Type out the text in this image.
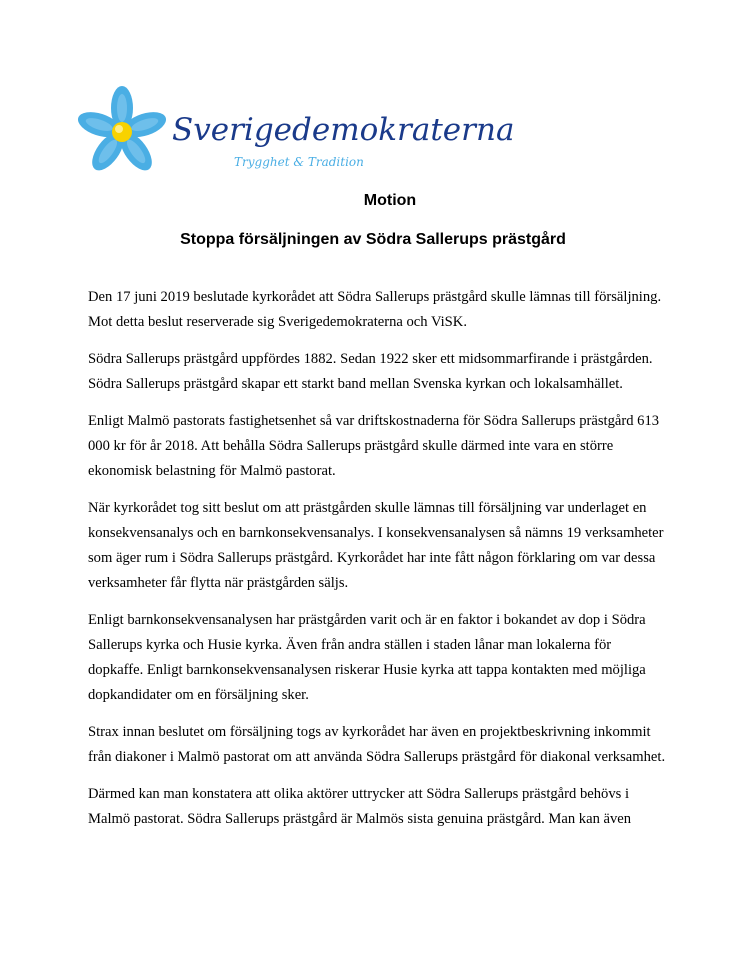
Sverigedemokraterna
Trygghet & Tradition
Motion
Stoppa försäljningen av Södra Sallerups prästgård

Den 17 juni 2019 beslutade kyrkorådet att Södra Sallerups prästgård skulle lämnas till försäljning. Mot detta beslut reserverade sig Sverigedemokraterna och ViSK.

Södra Sallerups prästgård uppfördes 1882. Sedan 1922 sker ett midsommarfirande i prästgården. Södra Sallerups prästgård skapar ett starkt band mellan Svenska kyrkan och lokalsamhället.

Enligt Malmö pastorats fastighetsenhet så var driftskostnaderna för Södra Sallerups prästgård 613 000 kr för år 2018. Att behålla Södra Sallerups prästgård skulle därmed inte vara en större ekonomisk belastning för Malmö pastorat.

När kyrkorådet tog sitt beslut om att prästgården skulle lämnas till försäljning var underlaget en konsekvensanalys och en barnkonsekvensanalys. I konsekvensanalysen så nämns 19 verksamheter som äger rum i Södra Sallerups prästgård. Kyrkorådet har inte fått någon förklaring om var dessa verksamheter får flytta när prästgården säljs.

Enligt barnkonsekvensanalysen har prästgården varit och är en faktor i bokandet av dop i Södra Sallerups kyrka och Husie kyrka. Även från andra ställen i staden lånar man lokalerna för dopkaffe. Enligt barnkonsekvensanalysen riskerar Husie kyrka att tappa kontakten med möjliga dopkandidater om en försäljning sker.

Strax innan beslutet om försäljning togs av kyrkorådet har även en projektbeskrivning inkommit från diakoner i Malmö pastorat om att använda Södra Sallerups prästgård för diakonal verksamhet.

Därmed kan man konstatera att olika aktörer uttrycker att Södra Sallerups prästgård behövs i Malmö pastorat. Södra Sallerups prästgård är Malmös sista genuina prästgård. Man kan även
